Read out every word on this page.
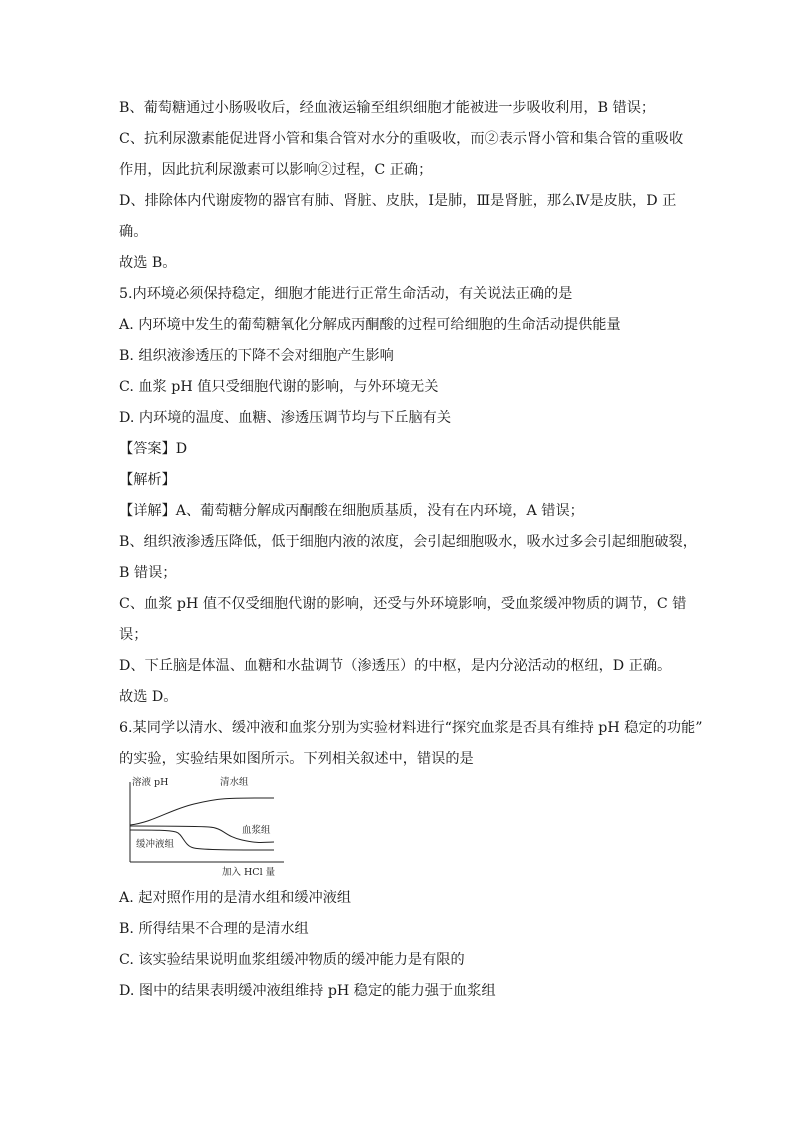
B、葡萄糖通过小肠吸收后，经血液运输至组织细胞才能被进一步吸收利用，B 错误；
C、抗利尿激素能促进肾小管和集合管对水分的重吸收，而②表示肾小管和集合管的重吸收
作用，因此抗利尿激素可以影响②过程，C 正确；
D、排除体内代谢废物的器官有肺、肾脏、皮肤，Ⅰ是肺，Ⅲ是肾脏，那么Ⅳ是皮肤，D 正
确。
故选 B。
5.内环境必须保持稳定，细胞才能进行正常生命活动，有关说法正确的是
A. 内环境中发生的葡萄糖氧化分解成丙酮酸的过程可给细胞的生命活动提供能量
B. 组织液渗透压的下降不会对细胞产生影响
C. 血浆 pH 值只受细胞代谢的影响，与外环境无关
D. 内环境的温度、血糖、渗透压调节均与下丘脑有关
【答案】D
【解析】
【详解】A、葡萄糖分解成丙酮酸在细胞质基质，没有在内环境，A 错误；
B、组织液渗透压降低，低于细胞内液的浓度，会引起细胞吸水，吸水过多会引起细胞破裂，
B 错误；
C、血浆 pH 值不仅受细胞代谢的影响，还受与外环境影响，受血浆缓冲物质的调节，C 错
误；
D、下丘脑是体温、血糖和水盐调节（渗透压）的中枢，是内分泌活动的枢纽，D 正确。
故选 D。
6.某同学以清水、缓冲液和血浆分别为实验材料进行“探究血浆是否具有维持 pH 稳定的功能”
的实验，实验结果如图所示。下列相关叙述中，错误的是
溶液 pH	清水组
血浆组
缓冲液组
加入 HCl 量
A. 起对照作用的是清水组和缓冲液组
B. 所得结果不合理的是清水组
C. 该实验结果说明血浆组缓冲物质的缓冲能力是有限的
D. 图中的结果表明缓冲液组维持 pH 稳定的能力强于血浆组
